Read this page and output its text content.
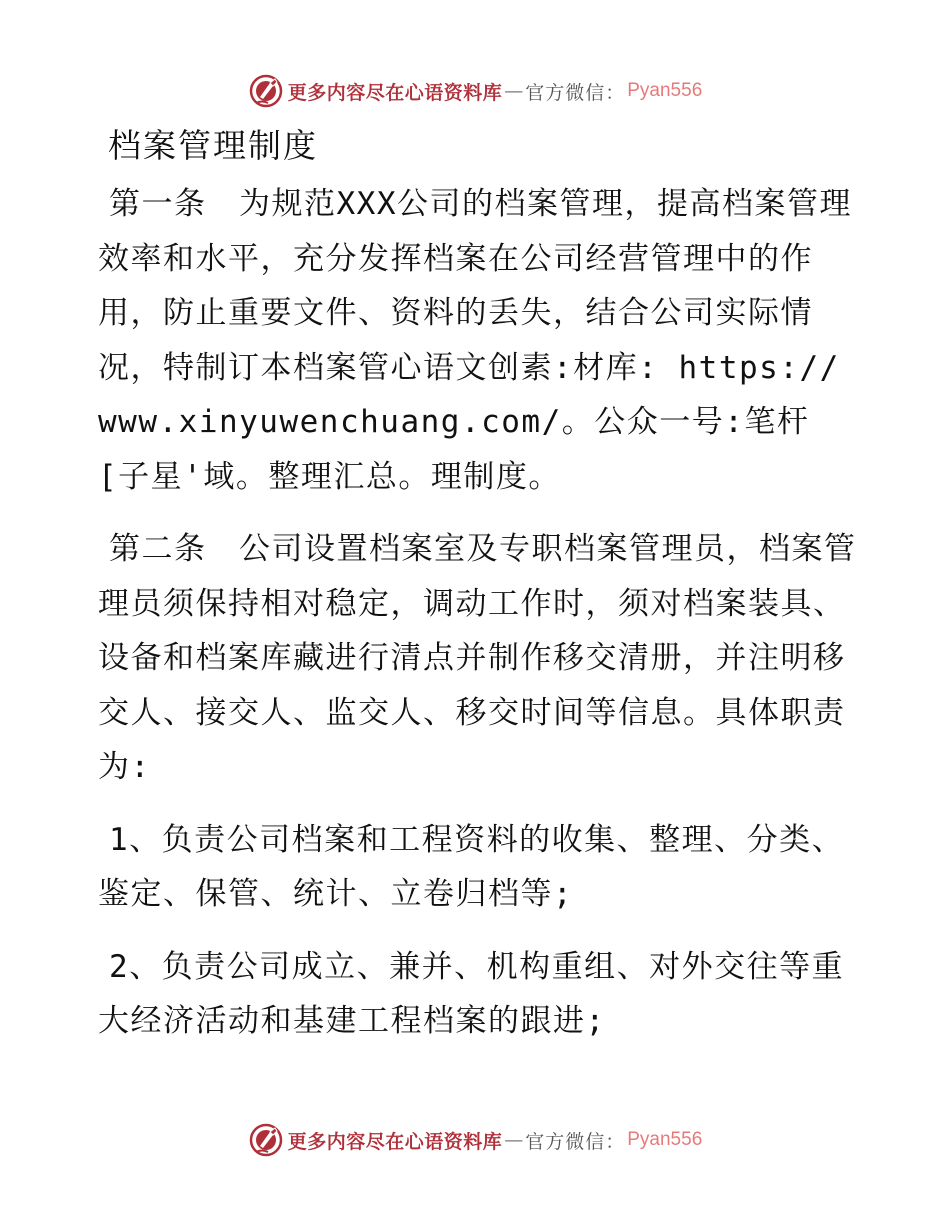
更多内容尽在心语资料库 — 官方微信： Pyan556
档案管理制度

第一条　为规范XXX公司的档案管理，提高档案管理效率和水平，充分发挥档案在公司经营管理中的作用，防止重要文件、资料的丢失，结合公司实际情况，特制订本档案管心语文创素:材库: https://www.xinyuwenchuang.com/。公众一号:笔杆[子星'域。整理汇总。理制度。

第二条　公司设置档案室及专职档案管理员，档案管理员须保持相对稳定，调动工作时，须对档案装具、设备和档案库藏进行清点并制作移交清册，并注明移交人、接交人、监交人、移交时间等信息。具体职责为:

1、负责公司档案和工程资料的收集、整理、分类、鉴定、保管、统计、立卷归档等;

2、负责公司成立、兼并、机构重组、对外交往等重大经济活动和基建工程档案的跟进;

更多内容尽在心语资料库 — 官方微信： Pyan556
